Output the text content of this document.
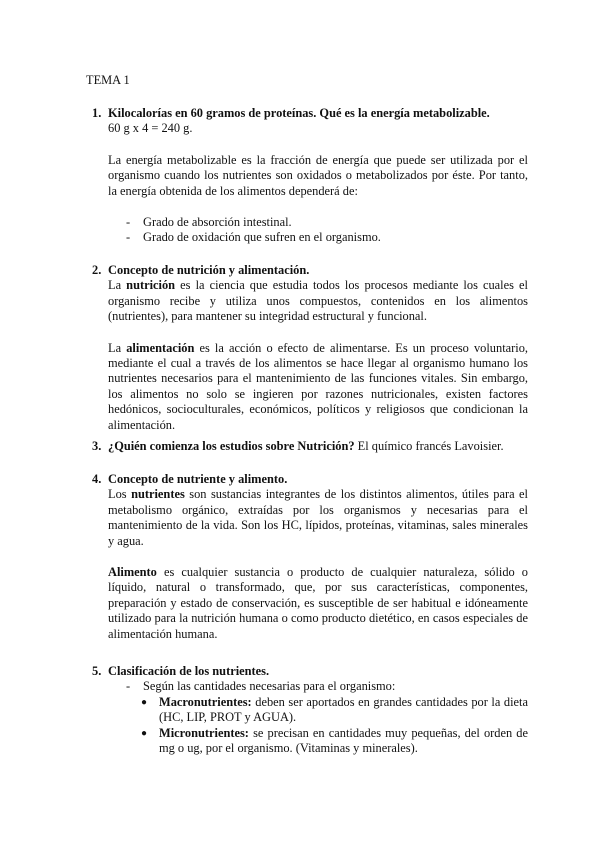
TEMA 1
1. Kilocalorías en 60 gramos de proteínas. Qué es la energía metabolizable.

60 g x 4 = 240 g.

La energía metabolizable es la fracción de energía que puede ser utilizada por el organismo cuando los nutrientes son oxidados o metabolizados por éste. Por tanto, la energía obtenida de los alimentos dependerá de:

- Grado de absorción intestinal.
- Grado de oxidación que sufren en el organismo.
2. Concepto de nutrición y alimentación.

La nutrición es la ciencia que estudia todos los procesos mediante los cuales el organismo recibe y utiliza unos compuestos, contenidos en los alimentos (nutrientes), para mantener su integridad estructural y funcional.

La alimentación es la acción o efecto de alimentarse. Es un proceso voluntario, mediante el cual a través de los alimentos se hace llegar al organismo humano los nutrientes necesarios para el mantenimiento de las funciones vitales. Sin embargo, los alimentos no solo se ingieren por razones nutricionales, existen factores hedónicos, socioculturales, económicos, políticos y religiosos que condicionan la alimentación.

3. ¿Quién comienza los estudios sobre Nutrición? El químico francés Lavoisier.
4. Concepto de nutriente y alimento.

Los nutrientes son sustancias integrantes de los distintos alimentos, útiles para el metabolismo orgánico, extraídas por los organismos y necesarias para el mantenimiento de la vida. Son los HC, lípidos, proteínas, vitaminas, sales minerales y agua.

Alimento es cualquier sustancia o producto de cualquier naturaleza, sólido o líquido, natural o transformado, que, por sus características, componentes, preparación y estado de conservación, es susceptible de ser habitual e idóneamente utilizado para la nutrición humana o como producto dietético, en casos especiales de alimentación humana.

5. Clasificación de los nutrientes.
- Según las cantidades necesarias para el organismo:
● Macronutrientes: deben ser aportados en grandes cantidades por la dieta (HC, LIP, PROT y AGUA).
● Micronutrientes: se precisan en cantidades muy pequeñas, del orden de mg o ug, por el organismo. (Vitaminas y minerales).
